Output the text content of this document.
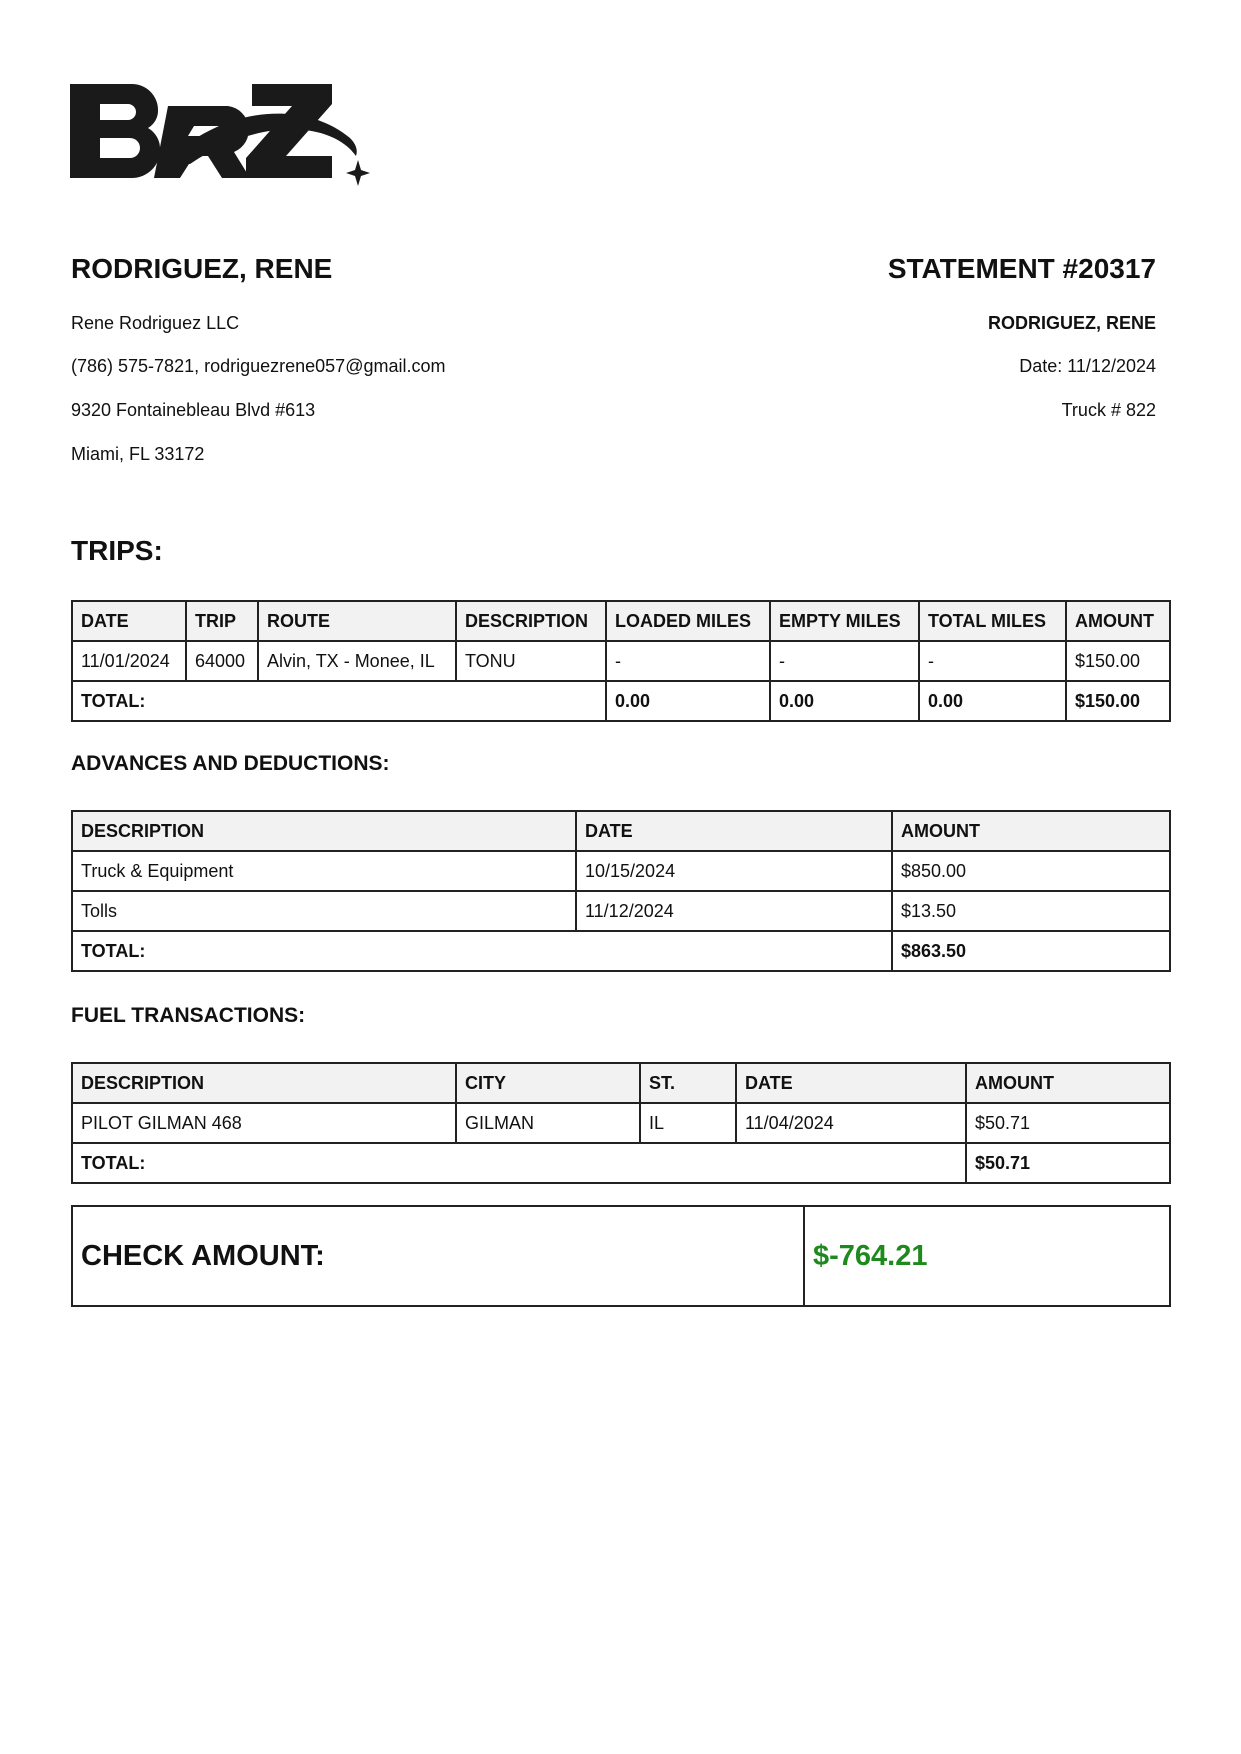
RODRIGUEZ, RENE
Rene Rodriguez LLC
(786) 575-7821, rodriguezrene057@gmail.com
9320 Fontainebleau Blvd #613
Miami, FL 33172
STATEMENT #20317
RODRIGUEZ, RENE
Date: 11/12/2024
Truck # 822
TRIPS:
DATE	TRIP	ROUTE	DESCRIPTION	LOADED MILES	EMPTY MILES	TOTAL MILES	AMOUNT
11/01/2024	64000	Alvin, TX - Monee, IL	TONU	-	-	-	$150.00
TOTAL:				0.00	0.00	0.00	$150.00
ADVANCES AND DEDUCTIONS:
DESCRIPTION	DATE	AMOUNT
Truck & Equipment	10/15/2024	$850.00
Tolls	11/12/2024	$13.50
TOTAL:		$863.50
FUEL TRANSACTIONS:
DESCRIPTION	CITY	ST.	DATE	AMOUNT
PILOT GILMAN 468	GILMAN	IL	11/04/2024	$50.71
TOTAL:				$50.71
CHECK AMOUNT:	$-764.21
